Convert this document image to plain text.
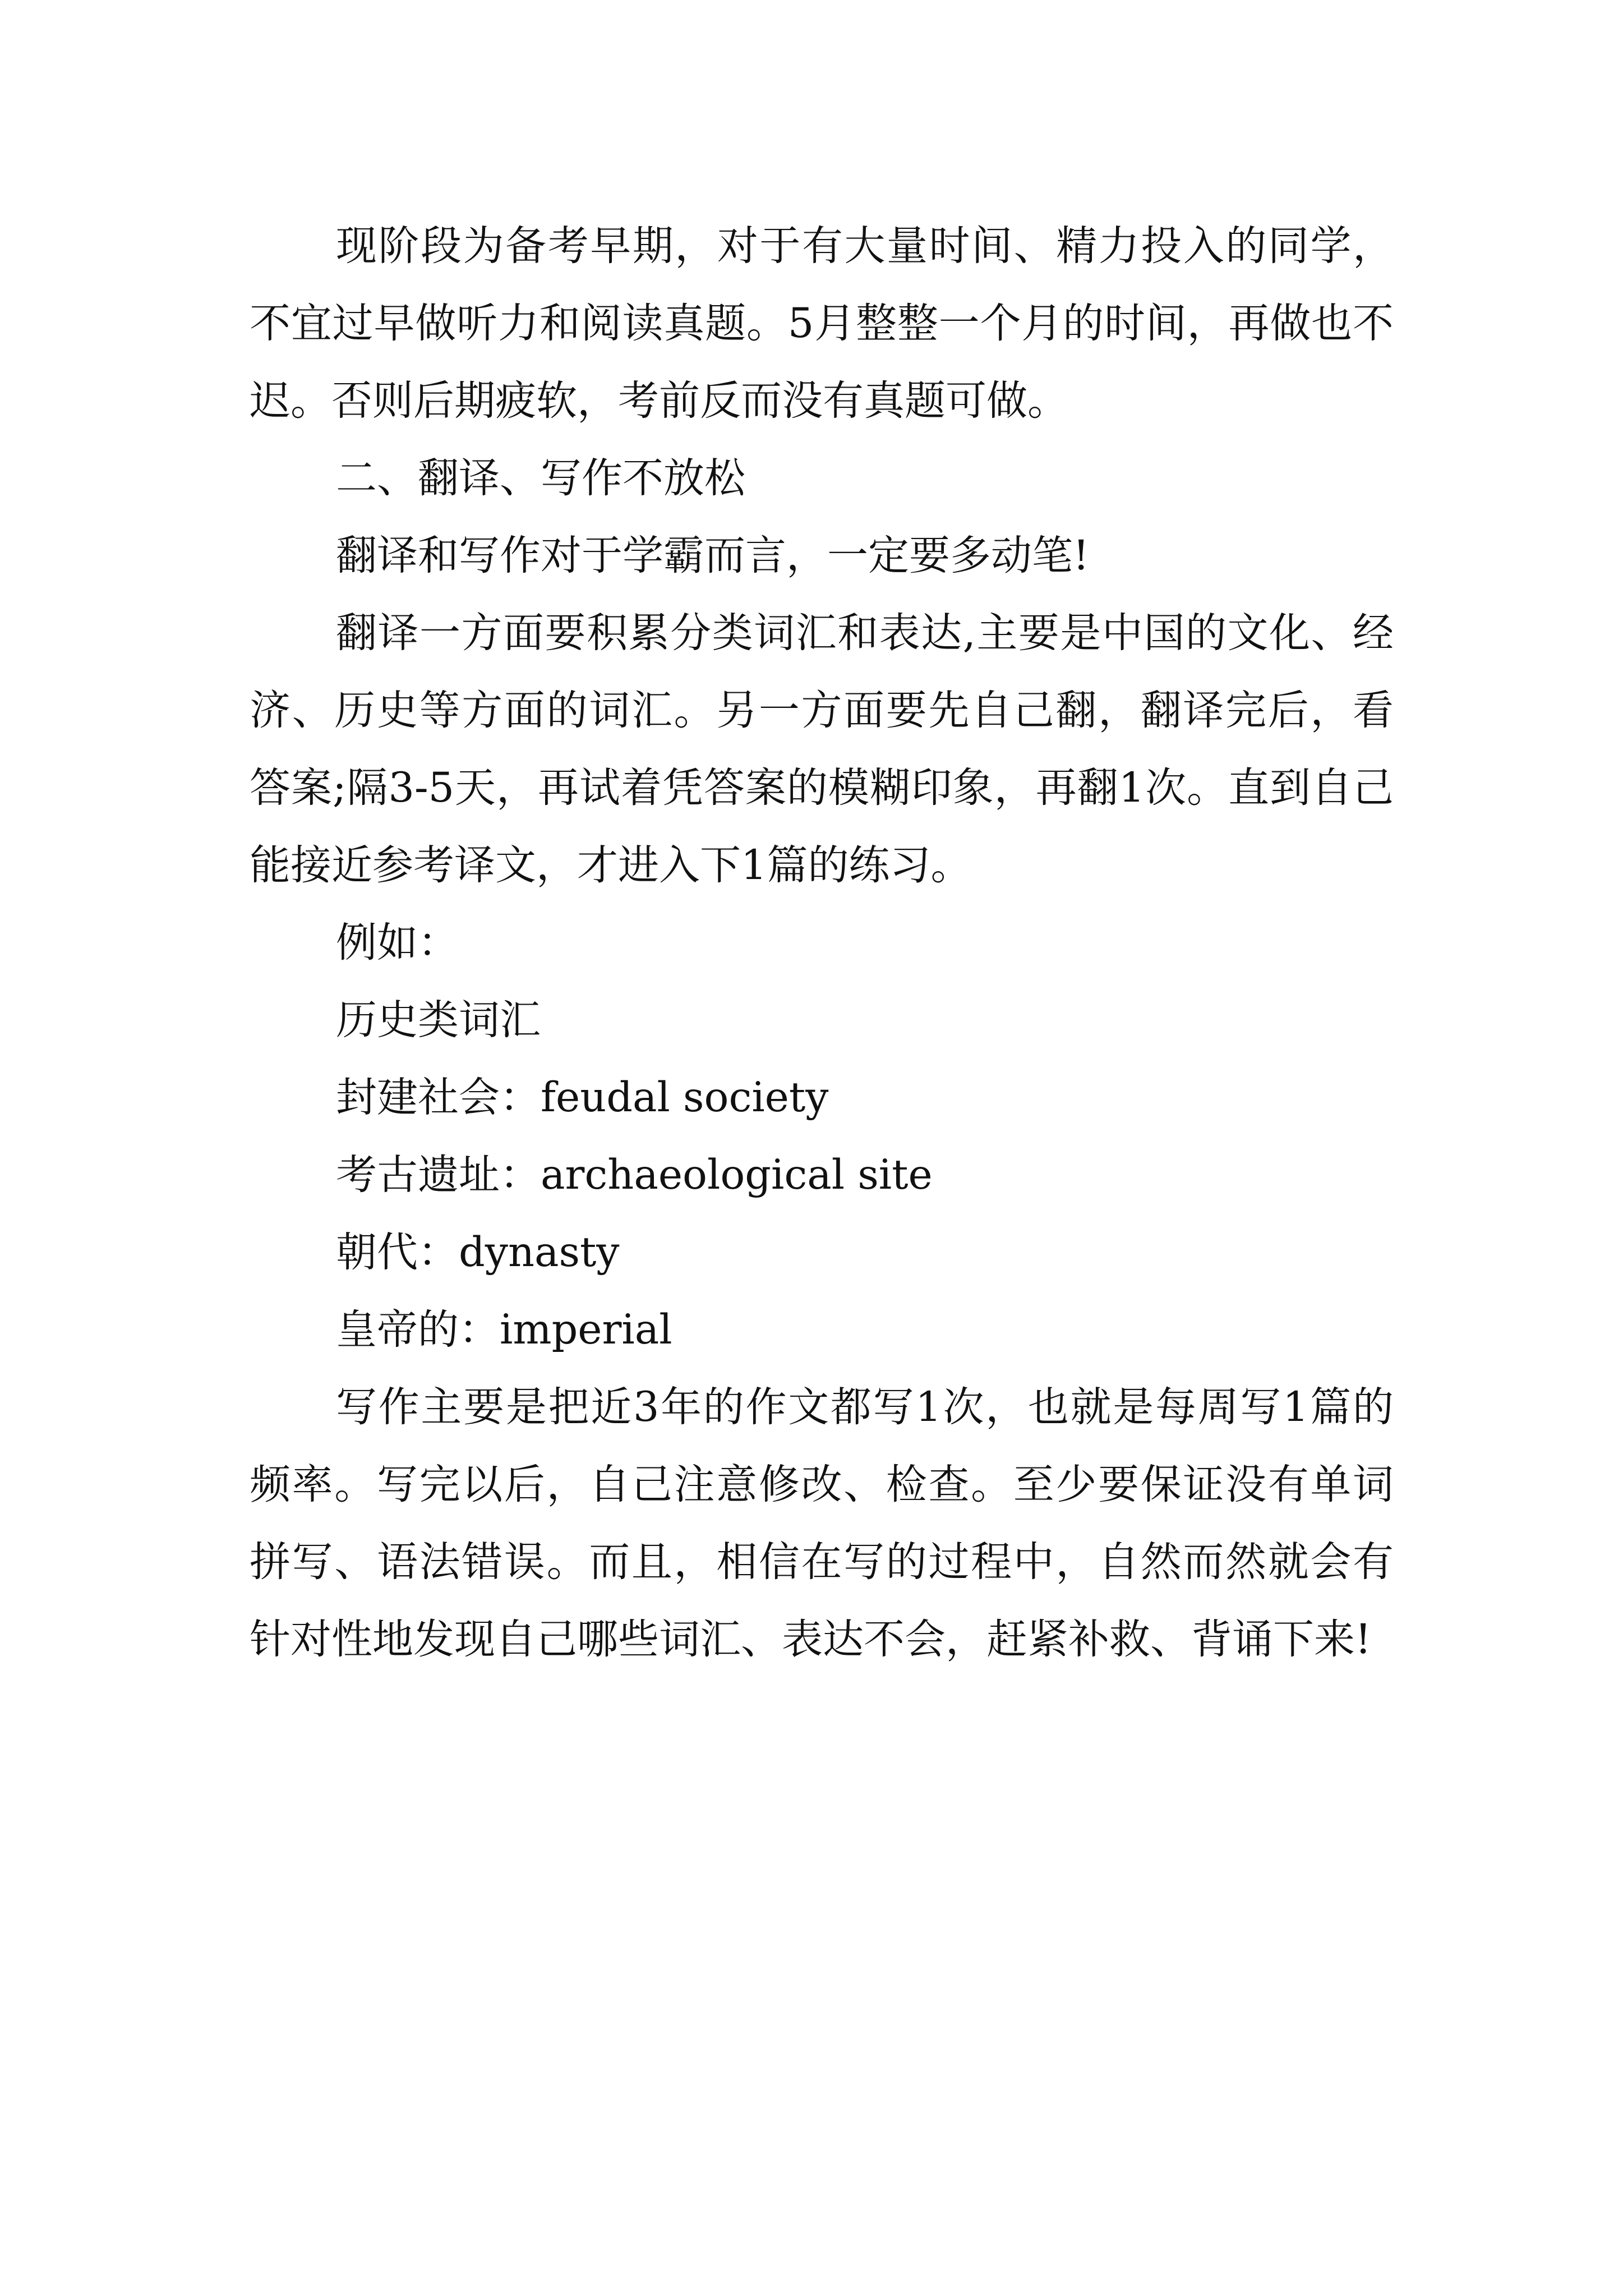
现阶段为备考早期，对于有大量时间、精力投入的同学，不宜过早做听力和阅读真题。5月整整一个月的时间，再做也不迟。否则后期疲软，考前反而没有真题可做。

二、翻译、写作不放松

翻译和写作对于学霸而言，一定要多动笔!

翻译一方面要积累分类词汇和表达,主要是中国的文化、经济、历史等方面的词汇。另一方面要先自己翻，翻译完后，看答案;隔3-5天，再试着凭答案的模糊印象，再翻1次。直到自己能接近参考译文，才进入下1篇的练习。

例如：

历史类词汇

封建社会：feudal society

考古遗址：archaeological site

朝代：dynasty

皇帝的：imperial

写作主要是把近3年的作文都写1次，也就是每周写1篇的频率。写完以后，自己注意修改、检查。至少要保证没有单词拼写、语法错误。而且，相信在写的过程中，自然而然就会有针对性地发现自己哪些词汇、表达不会，赶紧补救、背诵下来!
